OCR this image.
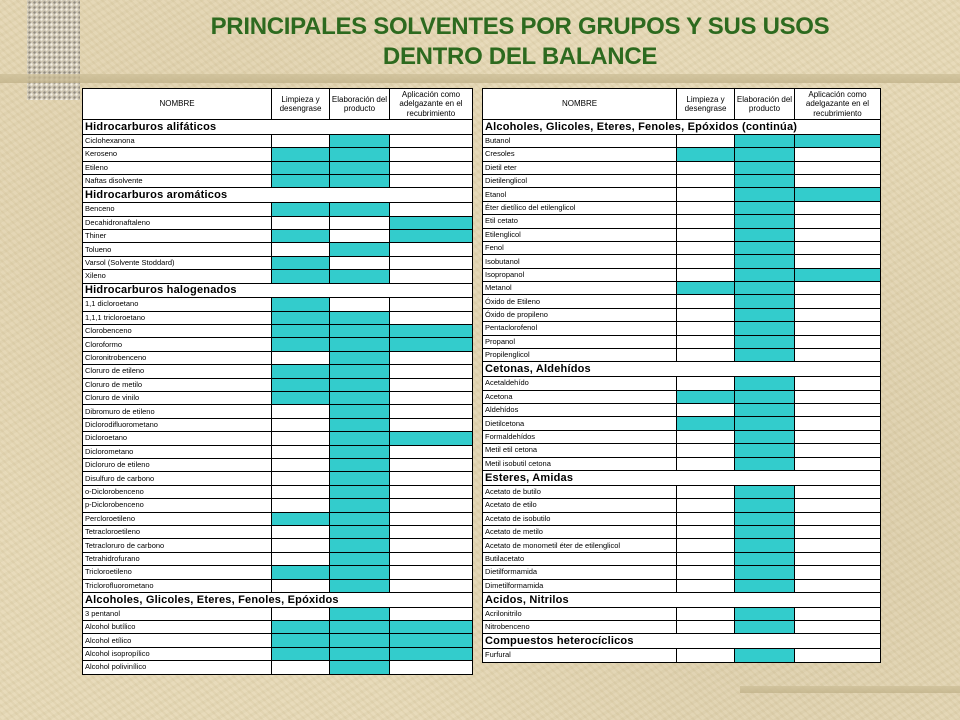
PRINCIPALES SOLVENTES POR GRUPOS Y SUS USOS
DENTRO DEL BALANCE
NOMBRE	Limpieza y desengrase	Elaboración del producto	Aplicación como adelgazante en el recubrimiento
Hidrocarburos alifáticos			
Ciclohexanona			
Keroseno			
Etileno			
Naftas disolvente			
Hidrocarburos aromáticos			
Benceno			
Decahidronaftaleno			
Thiner			
Tolueno			
Varsol (Solvente Stoddard)			
Xileno			
Hidrocarburos halogenados			
1,1 dicloroetano			
1,1,1 tricloroetano			
Clorobenceno			
Cloroformo			
Cloronitrobenceno			
Cloruro de etileno			
Cloruro de metilo			
Cloruro de vinilo			
Dibromuro de etileno			
Diclorodifluorometano			
Dicloroetano			
Diclorometano			
Dicloruro de etileno			
Disulfuro de carbono			
o-Diclorobenceno			
p-Diclorobenceno			
Percloroetileno			
Tetracloroetileno			
Tetracloruro de carbono			
Tetrahidrofurano			
Tricloroetileno			
Triclorofluorometano			
Alcoholes, Glicoles, Eteres, Fenoles, Epóxidos			
3 pentanol			
Alcohol butílico			
Alcohol etílico			
Alcohol isopropílico			
Alcohol polivinílico			
NOMBRE	Limpieza y desengrase	Elaboración del producto	Aplicación como adelgazante en el recubrimiento
Alcoholes, Glicoles, Eteres, Fenoles, Epóxidos (continúa)			
Butanol			
Cresoles			
Dietil eter			
Dietilenglicol			
Etanol			
Éter dietílico del etilenglicol			
Etil cetato			
Etilenglicol			
Fenol			
Isobutanol			
Isopropanol			
Metanol			
Óxido de Etileno			
Óxido de propileno			
Pentaclorofenol			
Propanol			
Propilenglicol			
Cetonas, Aldehídos			
Acetaldehído			
Acetona			
Aldehídos			
Dietilcetona			
Formaldehídos			
Metil etil cetona			
Metil isobutil cetona			
Esteres, Amidas			
Acetato de butilo			
Acetato de etilo			
Acetato de isobutilo			
Acetato de metilo			
Acetato de monometil éter de etilenglicol			
Butilacetato			
Dietilformamida			
Dimetilformamida			
Acidos, Nitrilos			
Acrilonitrilo			
Nitrobenceno			
Compuestos heterocíclicos			
Furfural			
